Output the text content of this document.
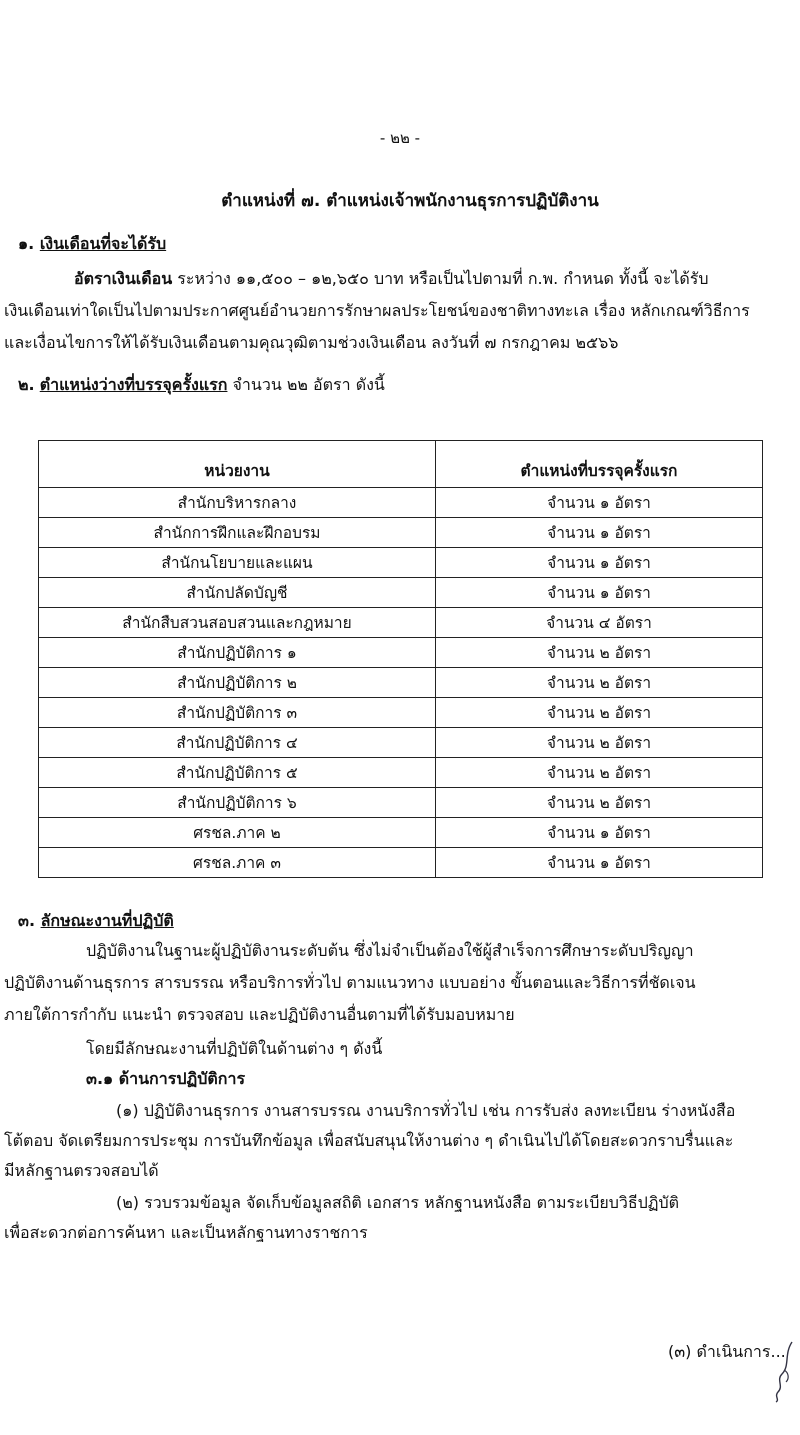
- ๒๒ -
ตำแหน่งที่ ๗. ตำแหน่งเจ้าพนักงานธุรการปฏิบัติงาน
๑. เงินเดือนที่จะได้รับ
อัตราเงินเดือน ระหว่าง ๑๑,๕๐๐ – ๑๒,๖๕๐ บาท หรือเป็นไปตามที่ ก.พ. กำหนด ทั้งนี้ จะได้รับ
เงินเดือนเท่าใดเป็นไปตามประกาศศูนย์อำนวยการรักษาผลประโยชน์ของชาติทางทะเล เรื่อง หลักเกณฑ์วิธีการ
และเงื่อนไขการให้ได้รับเงินเดือนตามคุณวุฒิตามช่วงเงินเดือน ลงวันที่ ๗ กรกฎาคม ๒๕๖๖
๒. ตำแหน่งว่างที่บรรจุครั้งแรก จำนวน ๒๒ อัตรา ดังนี้
หน่วยงาน	ตำแหน่งที่บรรจุครั้งแรก
สำนักบริหารกลาง	จำนวน ๑ อัตรา
สำนักการฝึกและฝึกอบรม	จำนวน ๑ อัตรา
สำนักนโยบายและแผน	จำนวน ๑ อัตรา
สำนักปลัดบัญชี	จำนวน ๑ อัตรา
สำนักสืบสวนสอบสวนและกฎหมาย	จำนวน ๔ อัตรา
สำนักปฏิบัติการ ๑	จำนวน ๒ อัตรา
สำนักปฏิบัติการ ๒	จำนวน ๒ อัตรา
สำนักปฏิบัติการ ๓	จำนวน ๒ อัตรา
สำนักปฏิบัติการ ๔	จำนวน ๒ อัตรา
สำนักปฏิบัติการ ๕	จำนวน ๒ อัตรา
สำนักปฏิบัติการ ๖	จำนวน ๒ อัตรา
ศรชล.ภาค ๒	จำนวน ๑ อัตรา
ศรชล.ภาค ๓	จำนวน ๑ อัตรา
๓. ลักษณะงานที่ปฏิบัติ
ปฏิบัติงานในฐานะผู้ปฏิบัติงานระดับต้น ซึ่งไม่จำเป็นต้องใช้ผู้สำเร็จการศึกษาระดับปริญญา
ปฏิบัติงานด้านธุรการ สารบรรณ หรือบริการทั่วไป ตามแนวทาง แบบอย่าง ขั้นตอนและวิธีการที่ชัดเจน
ภายใต้การกำกับ แนะนำ ตรวจสอบ และปฏิบัติงานอื่นตามที่ได้รับมอบหมาย
โดยมีลักษณะงานที่ปฏิบัติในด้านต่าง ๆ ดังนี้
๓.๑ ด้านการปฏิบัติการ
(๑) ปฏิบัติงานธุรการ งานสารบรรณ งานบริการทั่วไป เช่น การรับส่ง ลงทะเบียน ร่างหนังสือ
โต้ตอบ จัดเตรียมการประชุม การบันทึกข้อมูล เพื่อสนับสนุนให้งานต่าง ๆ ดำเนินไปได้โดยสะดวกราบรื่นและ
มีหลักฐานตรวจสอบได้
(๒) รวบรวมข้อมูล จัดเก็บข้อมูลสถิติ เอกสาร หลักฐานหนังสือ ตามระเบียบวิธีปฏิบัติ
เพื่อสะดวกต่อการค้นหา และเป็นหลักฐานทางราชการ
(๓) ดำเนินการ...
